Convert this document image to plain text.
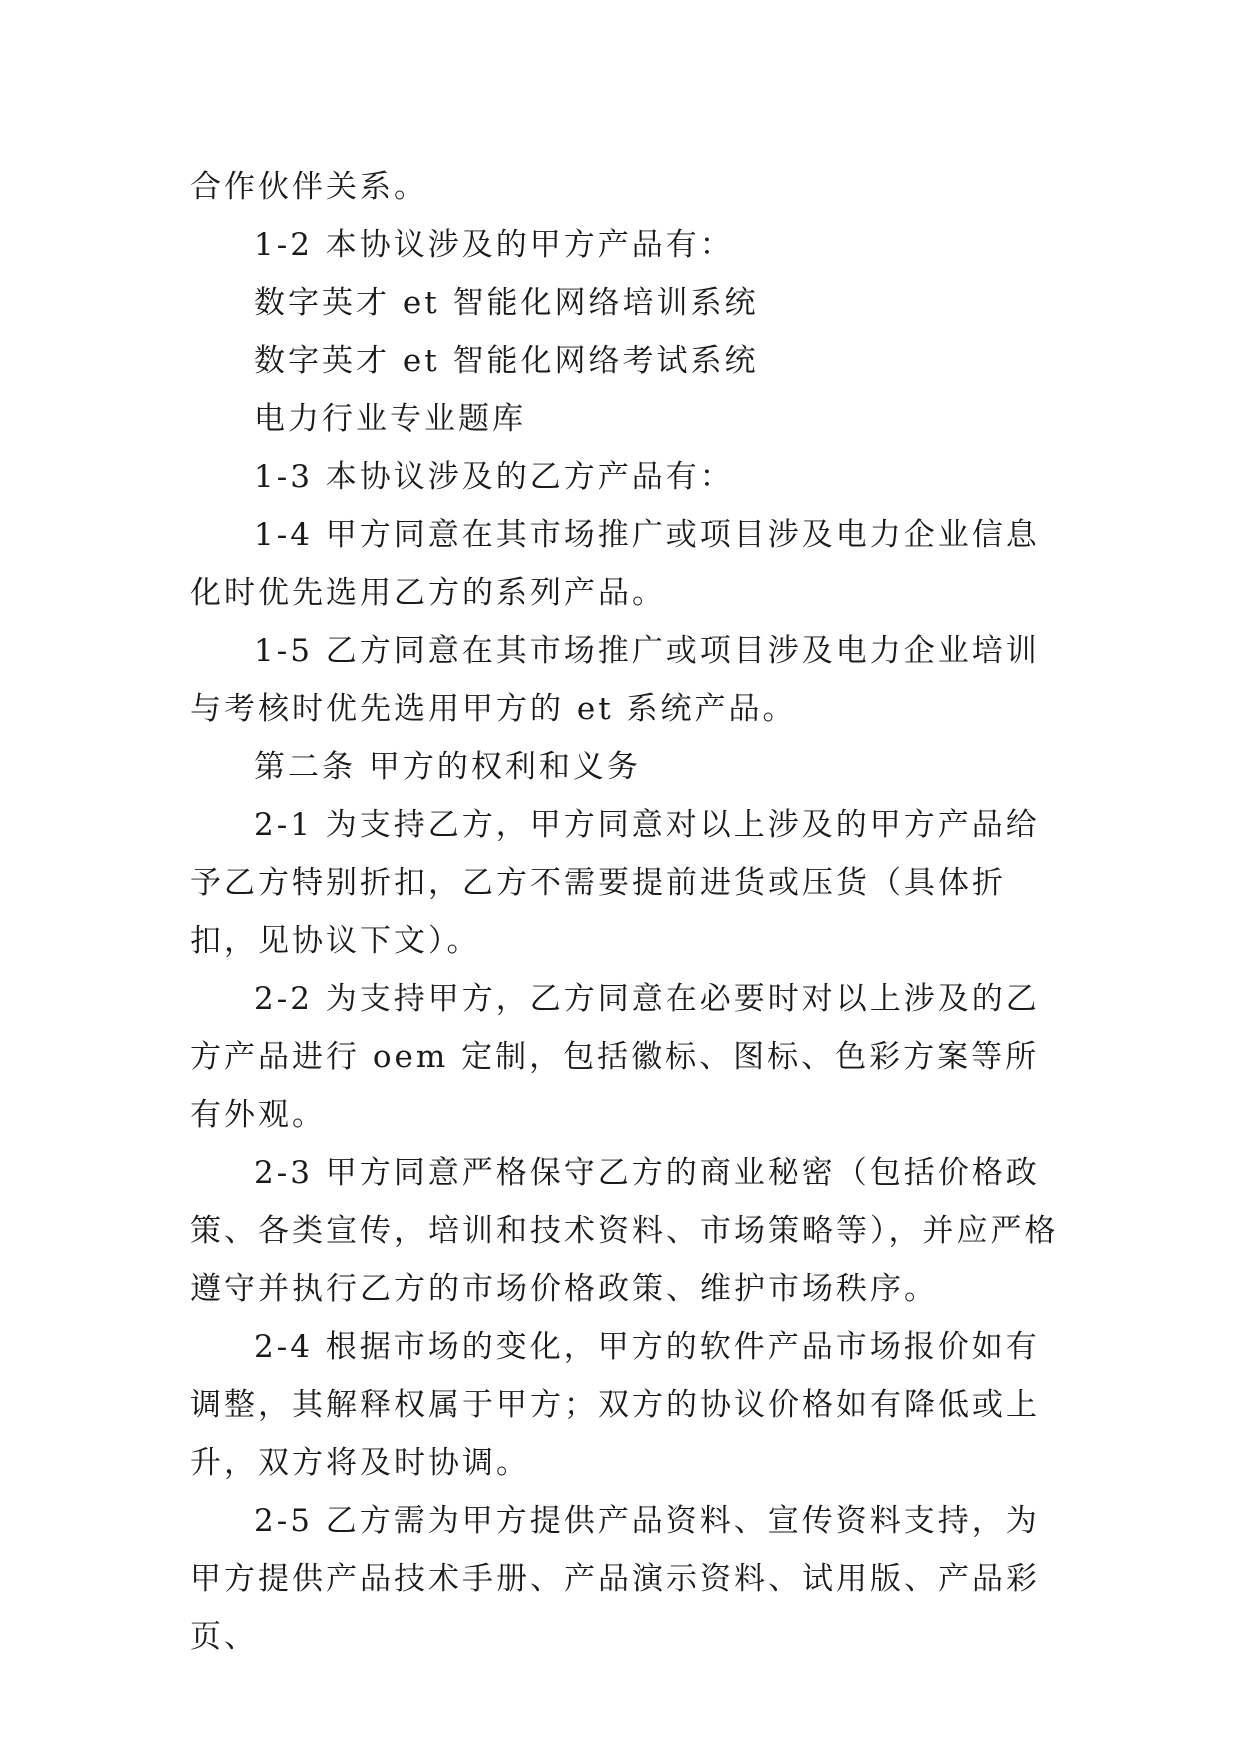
合作伙伴关系。

1-2 本协议涉及的甲方产品有：

数字英才 et 智能化网络培训系统

数字英才 et 智能化网络考试系统

电力行业专业题库

1-3 本协议涉及的乙方产品有：

1-4 甲方同意在其市场推广或项目涉及电力企业信息化时优先选用乙方的系列产品。

1-5 乙方同意在其市场推广或项目涉及电力企业培训与考核时优先选用甲方的 et 系统产品。

第二条 甲方的权利和义务

2-1 为支持乙方，甲方同意对以上涉及的甲方产品给予乙方特别折扣，乙方不需要提前进货或压货（具体折扣，见协议下文）。

2-2 为支持甲方，乙方同意在必要时对以上涉及的乙方产品进行 oem 定制，包括徽标、图标、色彩方案等所有外观。

2-3 甲方同意严格保守乙方的商业秘密（包括价格政策、各类宣传，培训和技术资料、市场策略等），并应严格遵守并执行乙方的市场价格政策、维护市场秩序。

2-4 根据市场的变化，甲方的软件产品市场报价如有调整，其解释权属于甲方；双方的协议价格如有降低或上升，双方将及时协调。

2-5 乙方需为甲方提供产品资料、宣传资料支持，为甲方提供产品技术手册、产品演示资料、试用版、产品彩页、
